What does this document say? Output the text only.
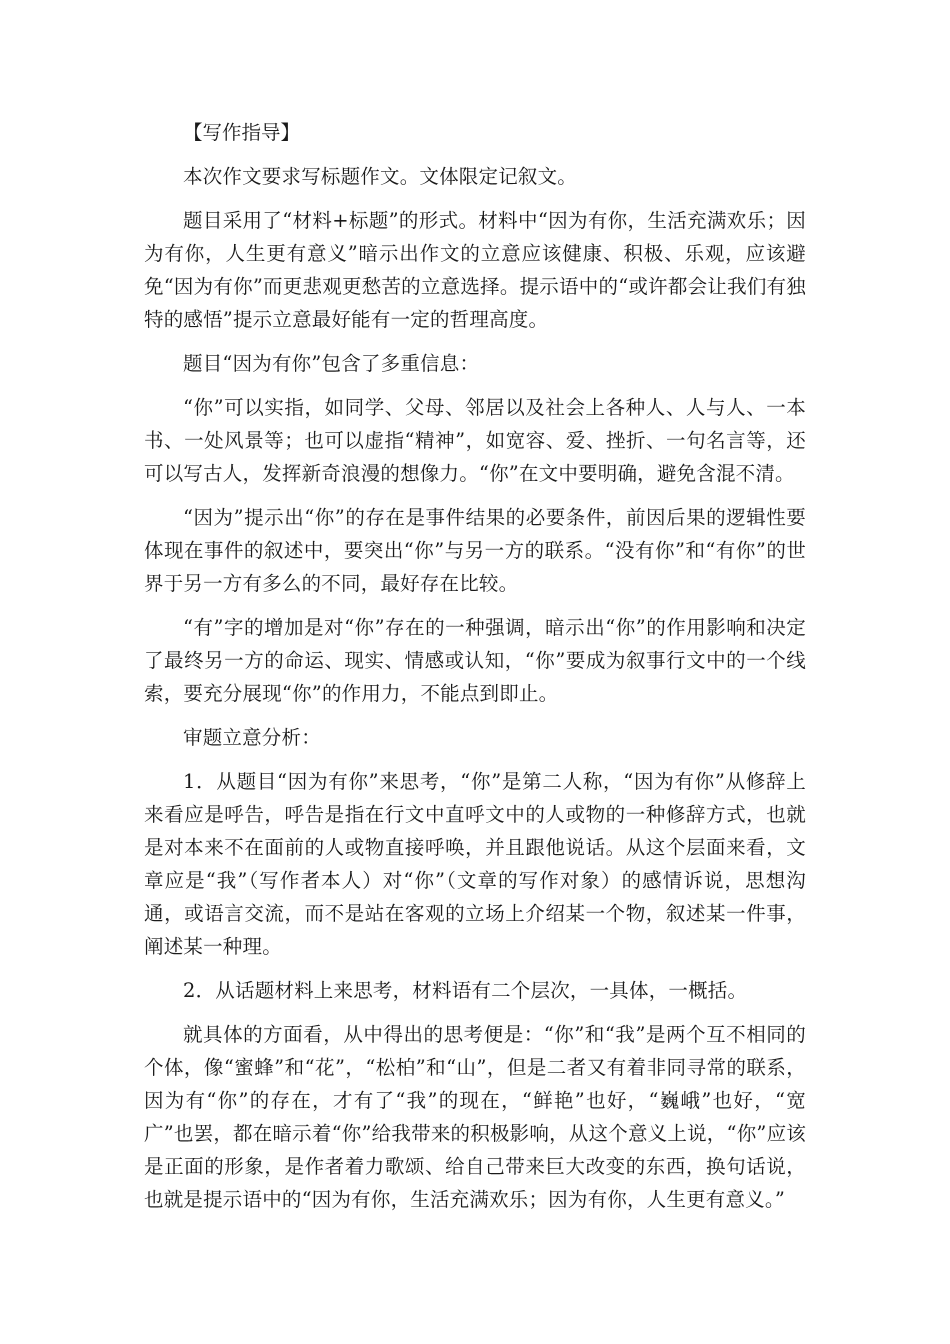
【写作指导】

本次作文要求写标题作文。文体限定记叙文。

题目采用了“材料+标题”的形式。材料中“因为有你，生活充满欢乐；因为有你，人生更有意义”暗示出作文的立意应该健康、积极、乐观，应该避免“因为有你”而更悲观更愁苦的立意选择。提示语中的“或许都会让我们有独特的感悟”提示立意最好能有一定的哲理高度。

题目“因为有你”包含了多重信息：

“你”可以实指，如同学、父母、邻居以及社会上各种人、人与人、一本书、一处风景等；也可以虚指“精神”，如宽容、爱、挫折、一句名言等，还可以写古人，发挥新奇浪漫的想像力。“你”在文中要明确，避免含混不清。

“因为”提示出“你”的存在是事件结果的必要条件，前因后果的逻辑性要体现在事件的叙述中，要突出“你”与另一方的联系。“没有你”和“有你”的世界于另一方有多么的不同，最好存在比较。

“有”字的增加是对“你”存在的一种强调，暗示出“你”的作用影响和决定了最终另一方的命运、现实、情感或认知，“你”要成为叙事行文中的一个线索，要充分展现“你”的作用力，不能点到即止。

审题立意分析：

1．从题目“因为有你”来思考，“你”是第二人称，“因为有你”从修辞上来看应是呼告，呼告是指在行文中直呼文中的人或物的一种修辞方式，也就是对本来不在面前的人或物直接呼唤，并且跟他说话。从这个层面来看，文章应是“我”（写作者本人）对“你”（文章的写作对象）的感情诉说，思想沟通，或语言交流，而不是站在客观的立场上介绍某一个物，叙述某一件事，阐述某一种理。

2．从话题材料上来思考，材料语有二个层次，一具体，一概括。

就具体的方面看，从中得出的思考便是：“你”和“我”是两个互不相同的个体，像“蜜蜂”和“花”，“松柏”和“山”，但是二者又有着非同寻常的联系，因为有“你”的存在，才有了“我”的现在，“鲜艳”也好，“巍峨”也好，“宽广”也罢，都在暗示着“你”给我带来的积极影响，从这个意义上说，“你”应该是正面的形象，是作者着力歌颂、给自己带来巨大改变的东西，换句话说，也就是提示语中的“因为有你，生活充满欢乐；因为有你，人生更有意义。”
